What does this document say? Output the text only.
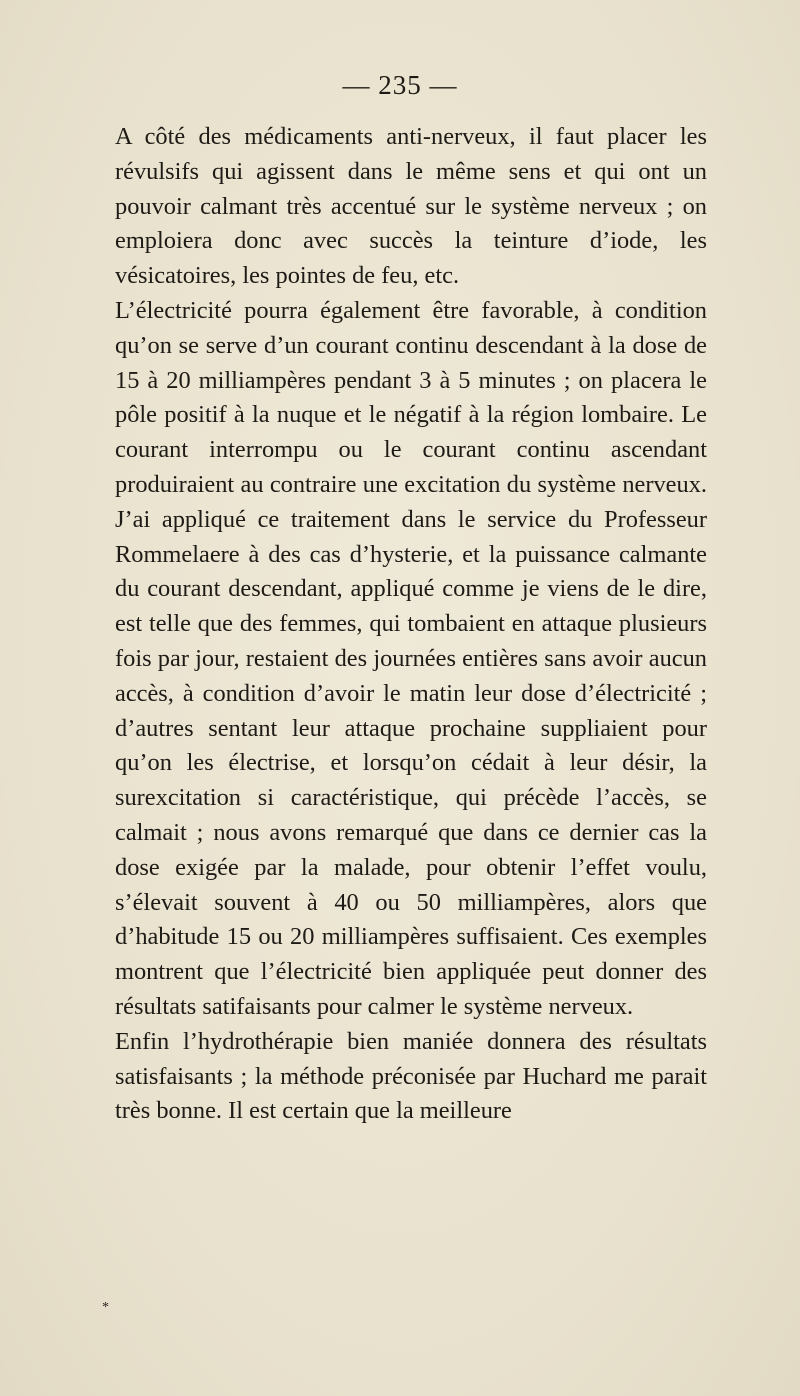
— 235 —

A côté des médicaments anti-nerveux, il faut placer les révulsifs qui agissent dans le même sens et qui ont un pouvoir calmant très accentué sur le système nerveux ; on emploiera donc avec succès la teinture d’iode, les vésicatoires, les pointes de feu, etc.

L’électricité pourra également être favorable, à condition qu’on se serve d’un courant continu descendant à la dose de 15 à 20 milliampères pendant 3 à 5 minutes ; on placera le pôle positif à la nuque et le négatif à la région lombaire. Le courant interrompu ou le courant continu ascendant produiraient au contraire une excitation du système nerveux. J’ai appliqué ce traitement dans le service du Professeur Rommelaere à des cas d’hysterie, et la puissance calmante du courant descendant, appliqué comme je viens de le dire, est telle que des femmes, qui tombaient en attaque plusieurs fois par jour, restaient des journées entières sans avoir aucun accès, à condition d’avoir le matin leur dose d’électricité ; d’autres sentant leur attaque prochaine suppliaient pour qu’on les électrise, et lorsqu’on cédait à leur désir, la surexcitation si caractéristique, qui précède l’accès, se calmait ; nous avons remarqué que dans ce dernier cas la dose exigée par la malade, pour obtenir l’effet voulu, s’élevait souvent à 40 ou 50 milliampères, alors que d’habitude 15 ou 20 milliampères suffisaient. Ces exemples montrent que l’électricité bien appliquée peut donner des résultats satifaisants pour calmer le système nerveux.

Enfin l’hydrothérapie bien maniée donnera des résultats satisfaisants ; la méthode préconisée par Huchard me parait très bonne. Il est certain que la meilleure

*
